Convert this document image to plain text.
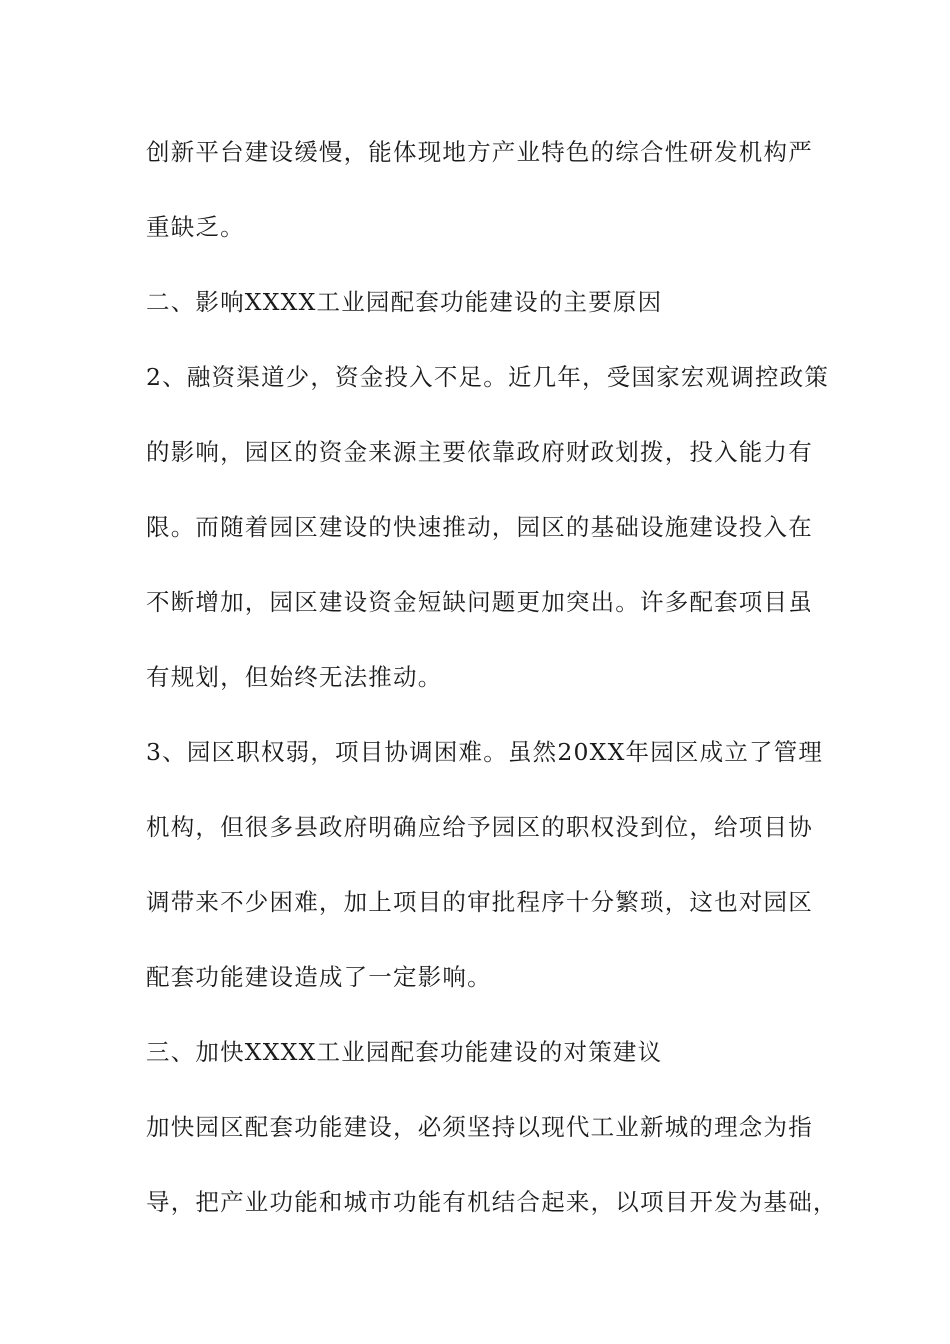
创新平台建设缓慢，能体现地方产业特色的综合性研发机构严
重缺乏。
二、影响XXXX工业园配套功能建设的主要原因
2、融资渠道少，资金投入不足。近几年，受国家宏观调控政策
的影响，园区的资金来源主要依靠政府财政划拨，投入能力有
限。而随着园区建设的快速推动，园区的基础设施建设投入在
不断增加，园区建设资金短缺问题更加突出。许多配套项目虽
有规划，但始终无法推动。
3、园区职权弱，项目协调困难。虽然20XX年园区成立了管理
机构，但很多县政府明确应给予园区的职权没到位，给项目协
调带来不少困难，加上项目的审批程序十分繁琐，这也对园区
配套功能建设造成了一定影响。
三、加快XXXX工业园配套功能建设的对策建议
加快园区配套功能建设，必须坚持以现代工业新城的理念为指
导，把产业功能和城市功能有机结合起来，以项目开发为基础，
